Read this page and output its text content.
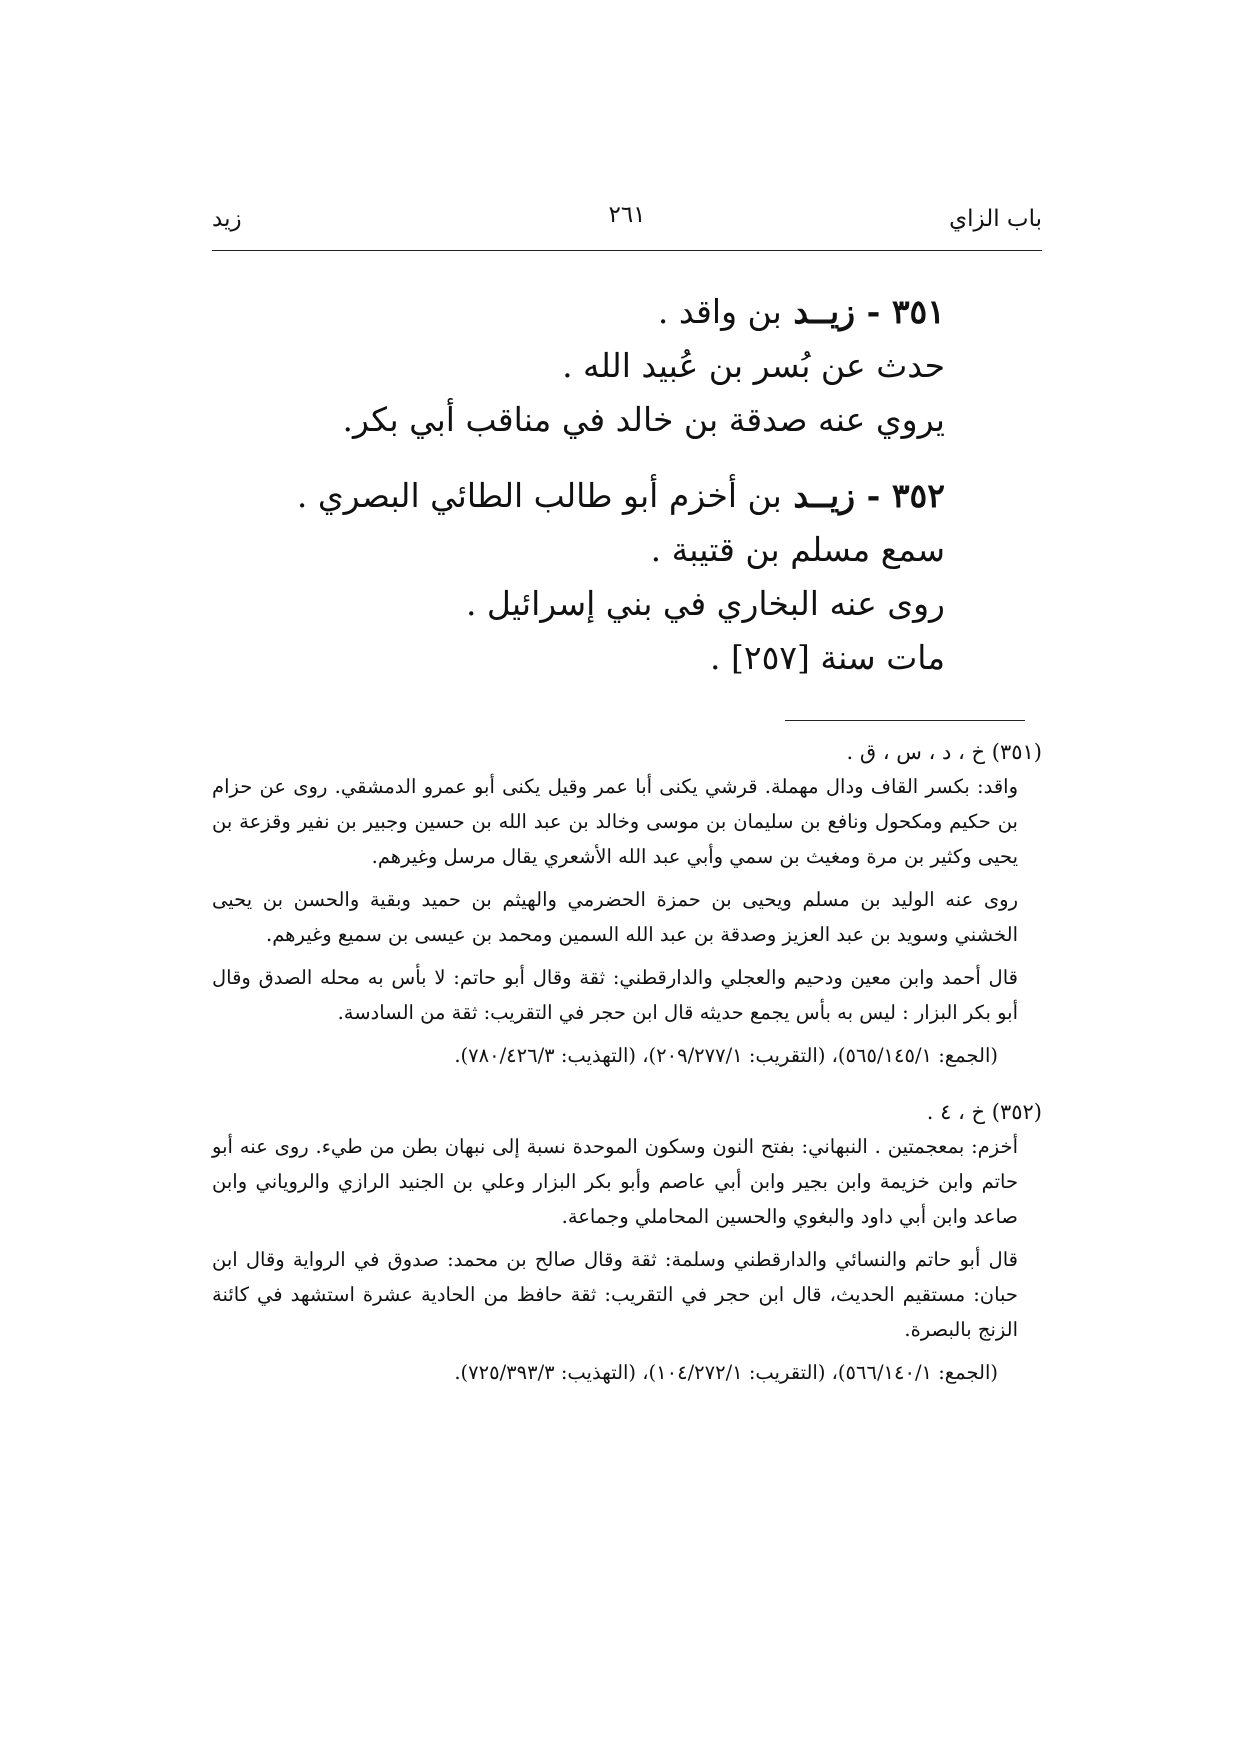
باب الزاي
٢٦١
زيد
٣٥١ - زيــد بن واقد .
حدث عن بُسر بن عُبيد الله .
يروي عنه صدقة بن خالد في مناقب أبي بكر.
٣٥٢ - زيــد بن أخزم أبو طالب الطائي البصري .
سمع مسلم بن قتيبة .
روى عنه البخاري في بني إسرائيل .
مات سنة [٢٥٧] .
(٣٥١) خ ، د ، س ، ق .
واقد: بكسر القاف ودال مهملة. قرشي يكنى أبا عمر وقيل يكنى أبو عمرو الدمشقي. روى عن حزام بن حكيم ومكحول ونافع بن سليمان بن موسى وخالد بن عبد الله بن حسين وجبير بن نفير وقزعة بن يحيى وكثير بن مرة ومغيث بن سمي وأبي عبد الله الأشعري يقال مرسل وغيرهم.
روى عنه الوليد بن مسلم ويحيى بن حمزة الحضرمي والهيثم بن حميد وبقية والحسن بن يحيى الخشني وسويد بن عبد العزيز وصدقة بن عبد الله السمين ومحمد بن عيسى بن سميع وغيرهم.
قال أحمد وابن معين ودحيم والعجلي والدارقطني: ثقة وقال أبو حاتم: لا بأس به محله الصدق وقال أبو بكر البزار : ليس به بأس يجمع حديثه قال ابن حجر في التقريب: ثقة من السادسة.
(الجمع: ٥٦٥/١٤٥/١)، (التقريب: ٢٠٩/٢٧٧/١)، (التهذيب: ٧٨٠/٤٢٦/٣).
(٣٥٢) خ ، ٤ .
أخزم: بمعجمتين . النبهاني: بفتح النون وسكون الموحدة نسبة إلى نبهان بطن من طيء. روى عنه أبو حاتم وابن خزيمة وابن بجير وابن أبي عاصم وأبو بكر البزار وعلي بن الجنيد الرازي والروياني وابن صاعد وابن أبي داود والبغوي والحسين المحاملي وجماعة.
قال أبو حاتم والنسائي والدارقطني وسلمة: ثقة وقال صالح بن محمد: صدوق في الرواية وقال ابن حبان: مستقيم الحديث، قال ابن حجر في التقريب: ثقة حافظ من الحادية عشرة استشهد في كائنة الزنج بالبصرة.
(الجمع: ٥٦٦/١٤٠/١)، (التقريب: ١٠٤/٢٧٢/١)، (التهذيب: ٧٢٥/٣٩٣/٣).
